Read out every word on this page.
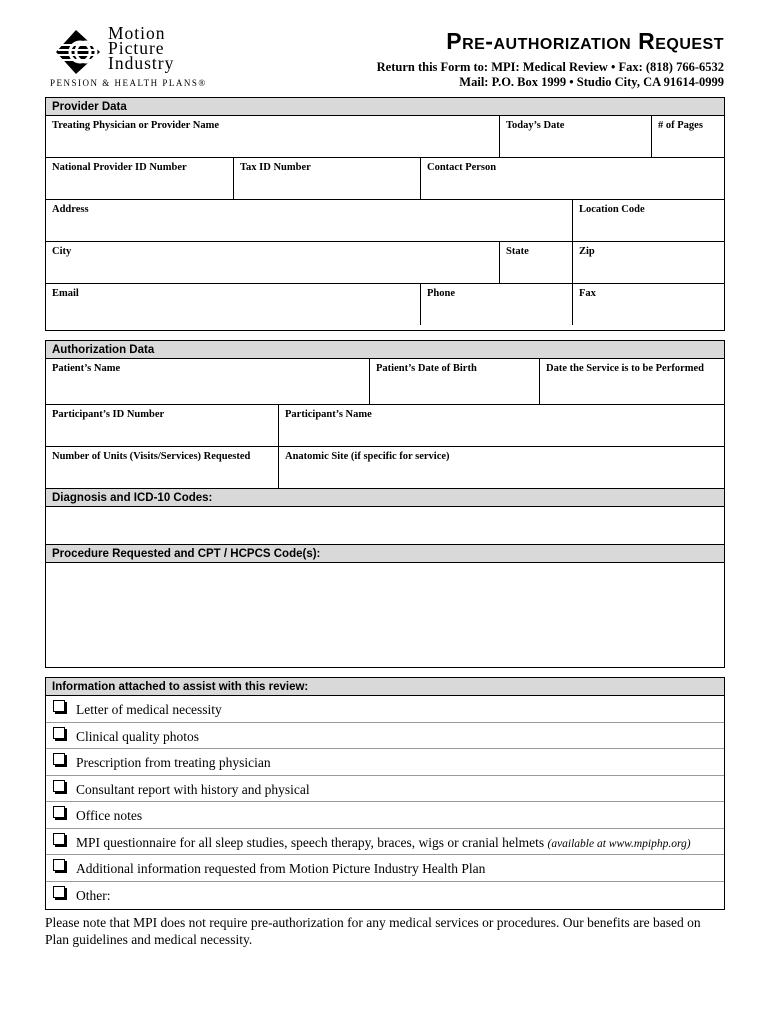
Motion
Picture
Industry
PENSION & HEALTH PLANS®
Pre-authorization Request
Return this Form to: MPI: Medical Review • Fax: (818) 766-6532
Mail: P.O. Box 1999 • Studio City, CA 91614-0999
Provider Data
Treating Physician or Provider Name	Today’s Date	# of Pages
National Provider ID Number	Tax ID Number	Contact Person
Address	Location Code
City	State	Zip
Email	Phone	Fax
Authorization Data
Patient’s Name	Patient’s Date of Birth	Date the Service is to be Performed
Participant’s ID Number	Participant’s Name
Number of Units (Visits/Services) Requested	Anatomic Site (if specific for service)
Diagnosis and ICD-10 Codes:
Procedure Requested and CPT / HCPCS Code(s):
Information attached to assist with this review:
Letter of medical necessity
Clinical quality photos
Prescription from treating physician
Consultant report with history and physical
Office notes
MPI questionnaire for all sleep studies, speech therapy, braces, wigs or cranial helmets (available at www.mpiphp.org)
Additional information requested from Motion Picture Industry Health Plan
Other:
Please note that MPI does not require pre-authorization for any medical services or procedures. Our benefits are based on Plan guidelines and medical necessity.
